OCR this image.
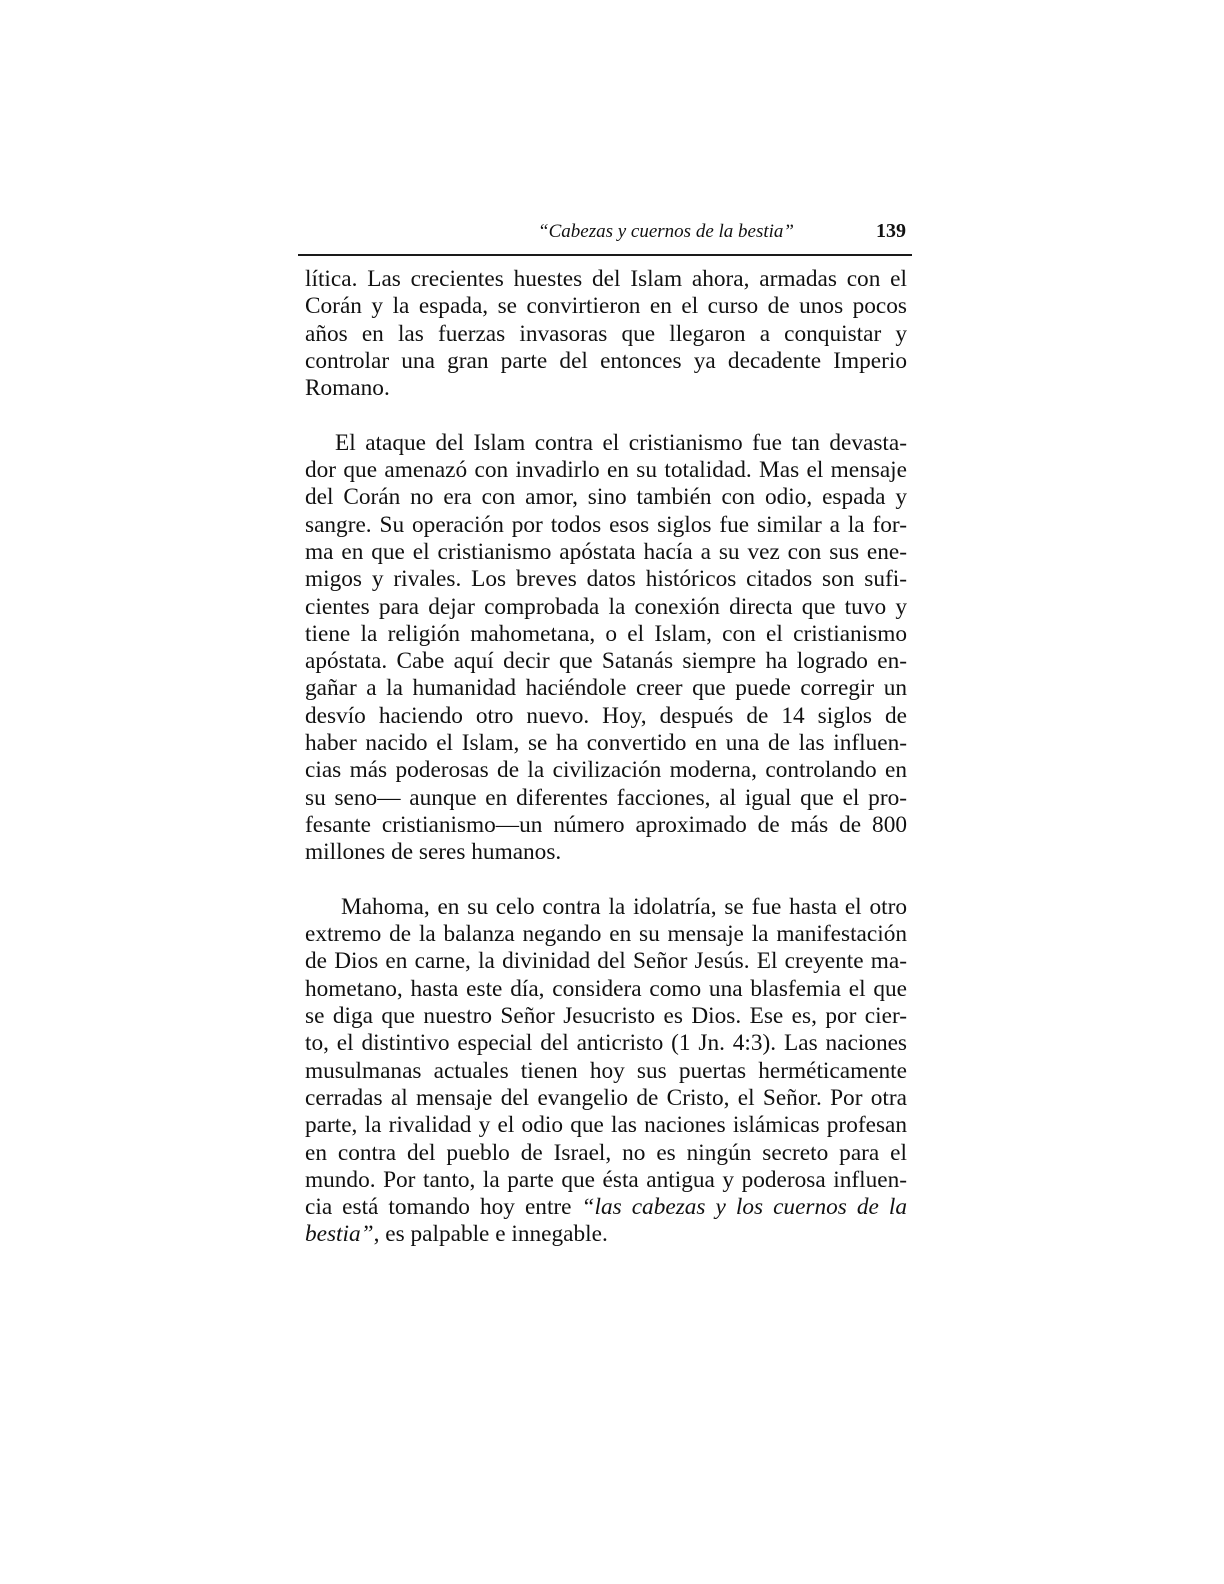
“Cabezas y cuernos de la bestia”	139
lítica. Las crecientes huestes del Islam ahora, armadas con el
Corán y la espada, se convirtieron en el curso de unos pocos
años en las fuerzas invasoras que llegaron a conquistar y
controlar una gran parte del entonces ya decadente Imperio
Romano.
El ataque del Islam contra el cristianismo fue tan devasta-
dor que amenazó con invadirlo en su totalidad. Mas el mensaje
del Corán no era con amor, sino también con odio, espada y
sangre. Su operación por todos esos siglos fue similar a la for-
ma en que el cristianismo apóstata hacía a su vez con sus ene-
migos y rivales. Los breves datos históricos citados son sufi-
cientes para dejar comprobada la conexión directa que tuvo y
tiene la religión mahometana, o el Islam, con el cristianismo
apóstata. Cabe aquí decir que Satanás siempre ha logrado en-
gañar a la humanidad haciéndole creer que puede corregir un
desvío haciendo otro nuevo. Hoy, después de 14 siglos de
haber nacido el Islam, se ha convertido en una de las influen-
cias más poderosas de la civilización moderna, controlando en
su seno— aunque en diferentes facciones, al igual que el pro-
fesante cristianismo—un número aproximado de más de 800
millones de seres humanos.
Mahoma, en su celo contra la idolatría, se fue hasta el otro
extremo de la balanza negando en su mensaje la manifestación
de Dios en carne, la divinidad del Señor Jesús. El creyente ma-
hometano, hasta este día, considera como una blasfemia el que
se diga que nuestro Señor Jesucristo es Dios. Ese es, por cier-
to, el distintivo especial del anticristo (1 Jn. 4:3). Las naciones
musulmanas actuales tienen hoy sus puertas herméticamente
cerradas al mensaje del evangelio de Cristo, el Señor. Por otra
parte, la rivalidad y el odio que las naciones islámicas profesan
en contra del pueblo de Israel, no es ningún secreto para el
mundo. Por tanto, la parte que ésta antigua y poderosa influen-
cia está tomando hoy entre “las cabezas y los cuernos de la
bestia”, es palpable e innegable.
